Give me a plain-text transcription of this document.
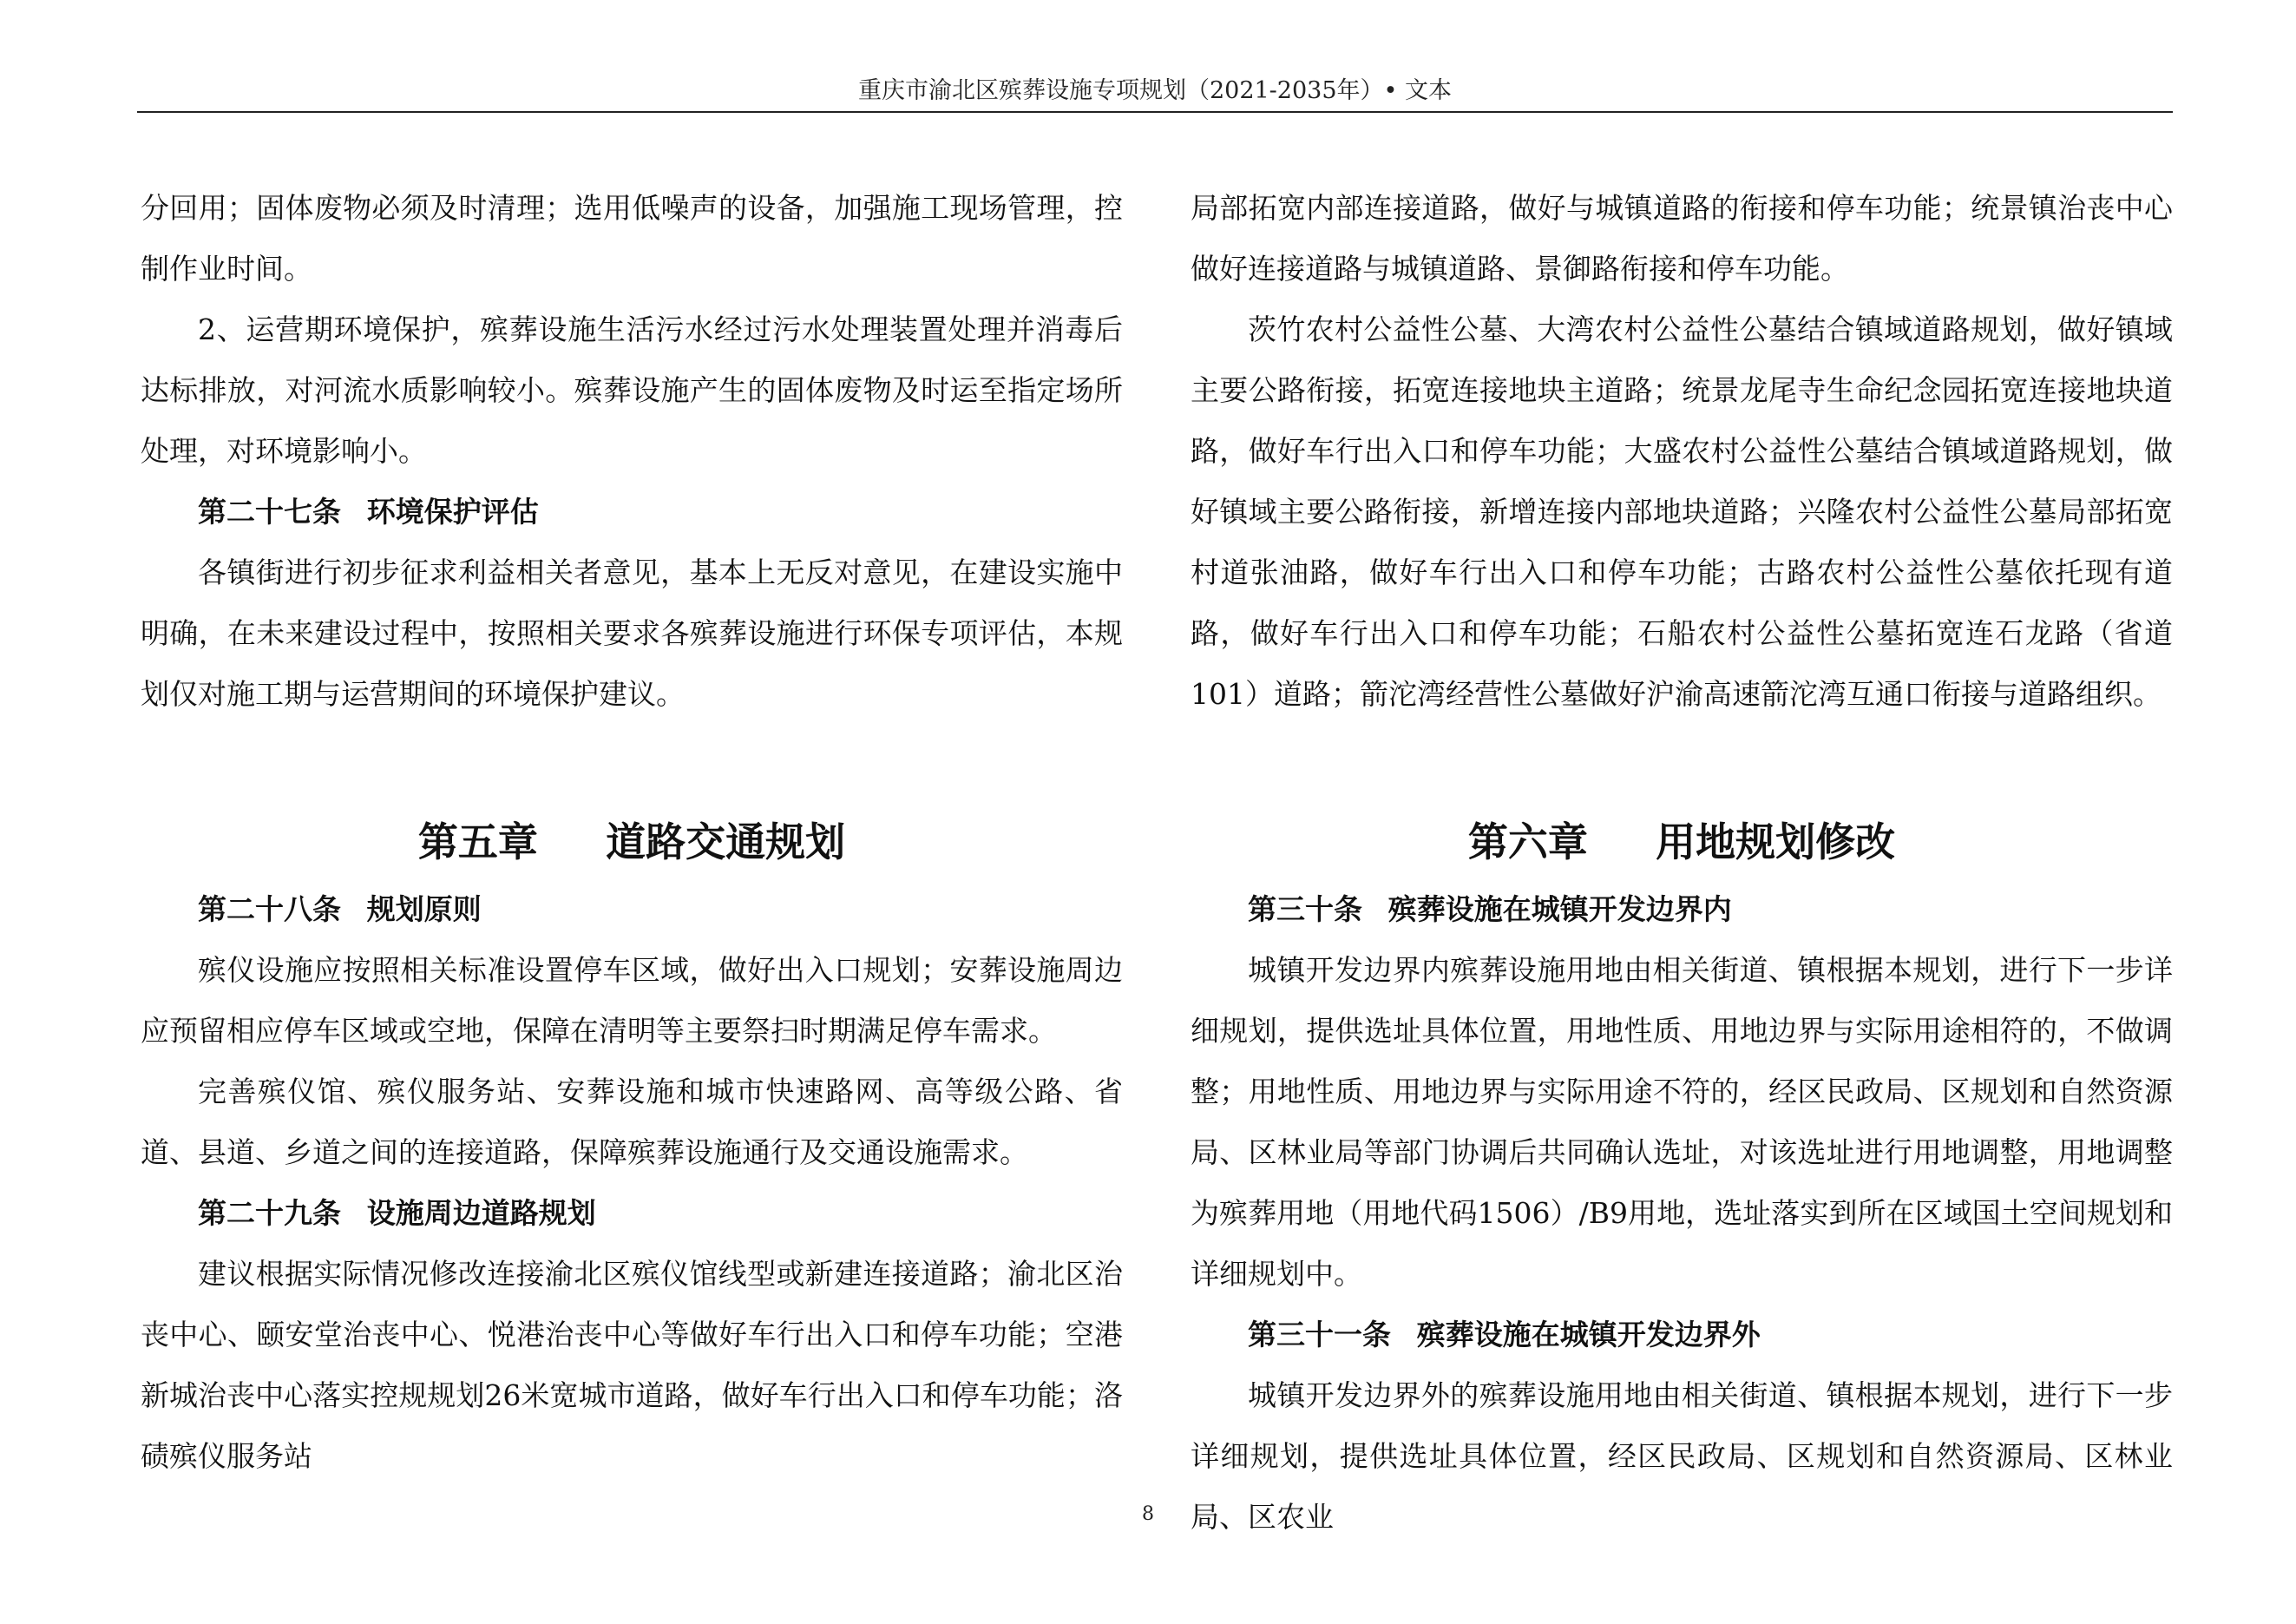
重庆市渝北区殡葬设施专项规划（2021-2035年）• 文本

分回用；固体废物必须及时清理；选用低噪声的设备，加强施工现场管理，控制作业时间。

2、运营期环境保护，殡葬设施生活污水经过污水处理装置处理并消毒后达标排放，对河流水质影响较小。殡葬设施产生的固体废物及时运至指定场所处理，对环境影响小。

第二十七条 环境保护评估

各镇街进行初步征求利益相关者意见，基本上无反对意见，在建设实施中明确，在未来建设过程中，按照相关要求各殡葬设施进行环保专项评估，本规划仅对施工期与运营期间的环境保护建议。

第五章 道路交通规划

第二十八条 规划原则

殡仪设施应按照相关标准设置停车区域，做好出入口规划；安葬设施周边应预留相应停车区域或空地，保障在清明等主要祭扫时期满足停车需求。

完善殡仪馆、殡仪服务站、安葬设施和城市快速路网、高等级公路、省道、县道、乡道之间的连接道路，保障殡葬设施通行及交通设施需求。

第二十九条 设施周边道路规划

建议根据实际情况修改连接渝北区殡仪馆线型或新建连接道路；渝北区治丧中心、颐安堂治丧中心、悦港治丧中心等做好车行出入口和停车功能；空港新城治丧中心落实控规规划26米宽城市道路，做好车行出入口和停车功能；洛碛殡仪服务站

局部拓宽内部连接道路，做好与城镇道路的衔接和停车功能；统景镇治丧中心做好连接道路与城镇道路、景御路衔接和停车功能。

茨竹农村公益性公墓、大湾农村公益性公墓结合镇域道路规划，做好镇域主要公路衔接，拓宽连接地块主道路；统景龙尾寺生命纪念园拓宽连接地块道路，做好车行出入口和停车功能；大盛农村公益性公墓结合镇域道路规划，做好镇域主要公路衔接，新增连接内部地块道路；兴隆农村公益性公墓局部拓宽村道张油路，做好车行出入口和停车功能；古路农村公益性公墓依托现有道路，做好车行出入口和停车功能；石船农村公益性公墓拓宽连石龙路（省道 101）道路；箭沱湾经营性公墓做好沪渝高速箭沱湾互通口衔接与道路组织。

第六章 用地规划修改

第三十条 殡葬设施在城镇开发边界内

城镇开发边界内殡葬设施用地由相关街道、镇根据本规划，进行下一步详细规划，提供选址具体位置，用地性质、用地边界与实际用途相符的，不做调整；用地性质、用地边界与实际用途不符的，经区民政局、区规划和自然资源局、区林业局等部门协调后共同确认选址，对该选址进行用地调整，用地调整为殡葬用地（用地代码1506）/B9用地，选址落实到所在区域国土空间规划和详细规划中。

第三十一条 殡葬设施在城镇开发边界外

城镇开发边界外的殡葬设施用地由相关街道、镇根据本规划，进行下一步详细规划，提供选址具体位置，经区民政局、区规划和自然资源局、区林业局、区农业

8
